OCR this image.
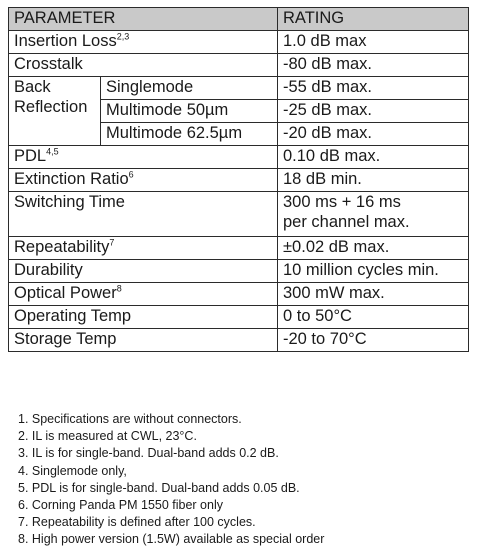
PARAMETER		RATING
Insertion Loss$^{2,3}$		1.0 dB max
Crosstalk		-80 dB max.

Back
Reflection	Singlemode	-55 dB max.
	Multimode 50µm	-25 dB max.
	Multimode 62.5µm	-20 dB max.
PDL$^{4,5}$		0.10 dB max.
Extinction Ratio$^6$		18 dB min.
Switching Time		300 ms + 16 ms
per channel max.

Repeatability$^7$		±0.02 dB max.
Durability		10 million cycles min.
Optical Power$^8$		300 mW max.
Operating Temp		0 to 50°C
Storage Temp		-20 to 70°C
1. Specifications are without connectors.
2. IL is measured at CWL, 23°C.
3. IL is for single-band. Dual-band adds 0.2 dB.
4. Singlemode only,
5. PDL is for single-band. Dual-band adds 0.05 dB.
6. Corning Panda PM 1550 fiber only
7. Repeatability is defined after 100 cycles.
8. High power version (1.5W) available as special order
